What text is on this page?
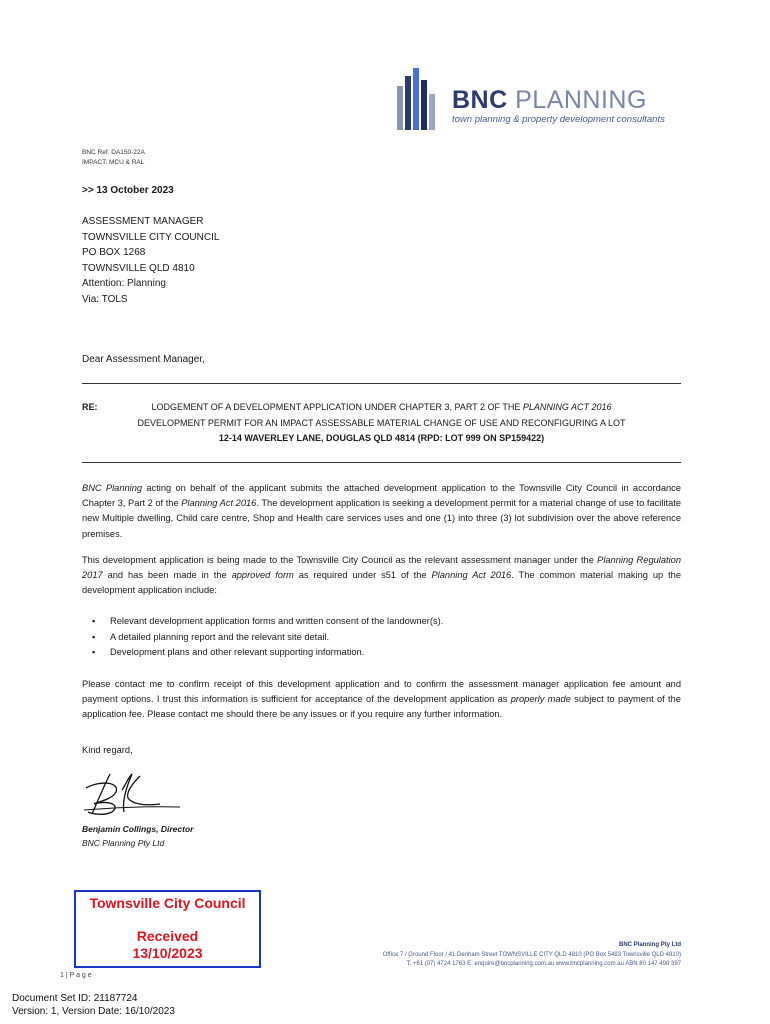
BNC PLANNING
town planning & property development consultants
BNC Ref. DA150-22A
IMPACT: MCU & RAL
>> 13 October 2023
ASSESSMENT MANAGER
TOWNSVILLE CITY COUNCIL
PO BOX 1268
TOWNSVILLE QLD 4810
Attention: Planning
Via: TOLS
Dear Assessment Manager,
RE:	LODGEMENT OF A DEVELOPMENT APPLICATION UNDER CHAPTER 3, PART 2 OF THE PLANNING ACT 2016
DEVELOPMENT PERMIT FOR AN IMPACT ASSESSABLE MATERIAL CHANGE OF USE AND RECONFIGURING A LOT
12-14 WAVERLEY LANE, DOUGLAS QLD 4814 (RPD: LOT 999 ON SP159422)
BNC Planning acting on behalf of the applicant submits the attached development application to the Townsville City Council in accordance Chapter 3, Part 2 of the Planning Act 2016. The development application is seeking a development permit for a material change of use to facilitate new Multiple dwelling, Child care centre, Shop and Health care services uses and one (1) into three (3) lot subdivision over the above reference premises.
This development application is being made to the Townsville City Council as the relevant assessment manager under the Planning Regulation 2017 and has been made in the approved form as required under s51 of the Planning Act 2016. The common material making up the development application include:
▪ Relevant development application forms and written consent of the landowner(s).
▪ A detailed planning report and the relevant site detail.
▪ Development plans and other relevant supporting information.
Please contact me to confirm receipt of this development application and to confirm the assessment manager application fee amount and payment options. I trust this information is sufficient for acceptance of the development application as properly made subject to payment of the application fee. Please contact me should there be any issues or if you require any further information.
Kind regard,
Benjamin Collings, Director
BNC Planning Pty Ltd
Townsville City Council
Received
13/10/2023	BNC Planning Pty Ltd
Office 7 / Ground Floor / 41 Denham Street TOWNSVILLE CITY QLD 4810 (PO Box 5493 Townsville QLD 4810)
T: +61 (07) 4724 1763 E: enquire@bncplanning.com.au www.bncplanning.com.au ABN 80 147 498 397
1 | P a g e
Document Set ID: 21187724
Version: 1, Version Date: 16/10/2023
